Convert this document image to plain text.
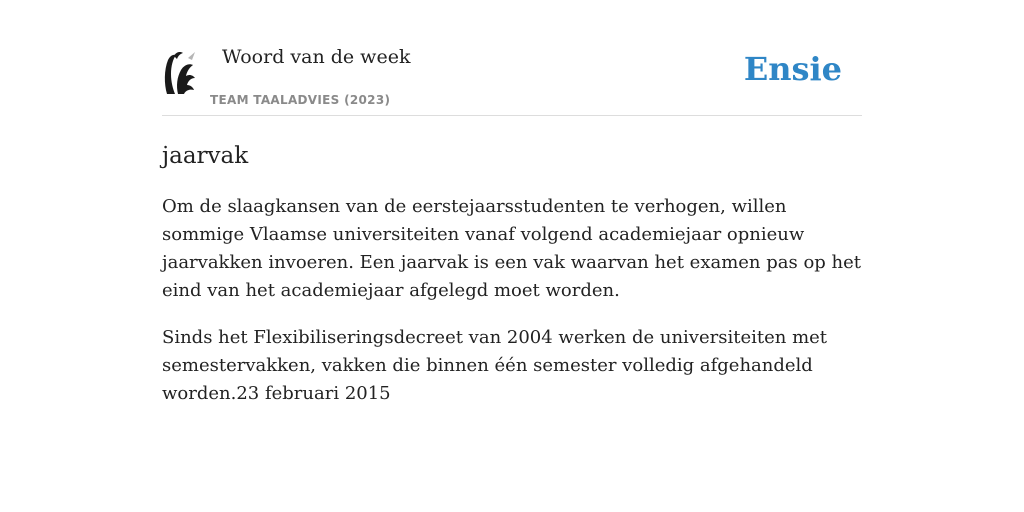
Woord van de week
TEAM TAALADVIES (2023)
Ensie
jaarvak

Om de slaagkansen van de eerstejaarsstudenten te verhogen, willen sommige Vlaamse universiteiten vanaf volgend academiejaar opnieuw jaarvakken invoeren. Een jaarvak is een vak waarvan het examen pas op het eind van het academiejaar afgelegd moet worden.

Sinds het Flexibiliseringsdecreet van 2004 werken de universiteiten met semestervakken, vakken die binnen één semester volledig afgehandeld worden.23 februari 2015
